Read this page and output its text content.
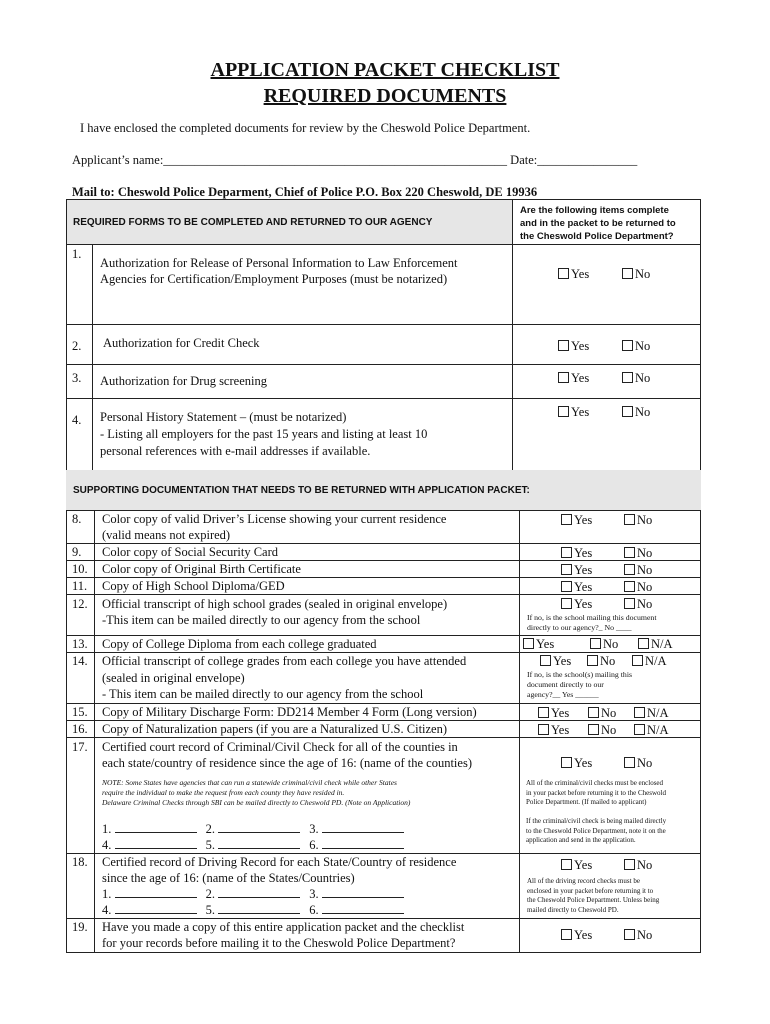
APPLICATION PACKET CHECKLIST
REQUIRED DOCUMENTS
I have enclosed the completed documents for review by the Cheswold Police Department.
Applicant’s name:_______________________________________________________ Date:________________
Mail to: Cheswold Police Deparment, Chief of Police P.O. Box 220 Cheswold, DE 19936
REQUIRED FORMS TO BE COMPLETED AND RETURNED TO OUR AGENCY
Are the following items complete
and in the packet to be returned to
the Cheswold Police Department?
1.
Authorization for Release of Personal Information to Law Enforcement
Agencies for Certification/Employment Purposes (must be notarized)	Yes	No
2. Authorization for Credit Check	Yes	No
3. Authorization for Drug screening	Yes	No
4. Personal History Statement – (must be notarized)
- Listing all employers for the past 15 years and listing at least 10
personal references with e-mail addresses if available.
Yes	No
SUPPORTING DOCUMENTATION THAT NEEDS TO BE RETURNED WITH APPLICATION PACKET:
8. Color copy of valid Driver’s License showing your current residence
(valid means not expired)
Yes	No
9. Color copy of Social Security Card	Yes	No
10. Color copy of Original Birth Certificate	Yes	No
11. Copy of High School Diploma/GED	Yes	No
12. Official transcript of high school grades (sealed in original envelope)
-This item can be mailed directly to our agency from the school
Yes	No
If no, is the school mailing this document
directly to our agency?_ No ____
13. Copy of College Diploma from each college graduated	Yes	No	N/A
14. Official transcript of college grades from each college you have attended
(sealed in original envelope)
- This item can be mailed directly to our agency from the school
Yes	No	N/A
If no, is the school(s) mailing this
document directly to our
agency?__ Yes ______
15. Copy of Military Discharge Form: DD214 Member 4 Form (Long version)	Yes	No	N/A
16. Copy of Naturalization papers (if you are a Naturalized U.S. Citizen)	Yes	No	N/A
17. Certified court record of Criminal/Civil Check for all of the counties in
each state/country of residence since the age of 16: (name of the counties)
NOTE: Some States have agencies that can run a statewide criminal/civil check while other States
require the individual to make the request from each county they have resided in.
Delaware Criminal Checks through SBI can be mailed directly to Cheswold PD. (Note on Application)
1.	2.	3.
4.	5.	6.
Yes	No
All of the criminal/civil checks must be enclosed
in your packet before returning it to the Cheswold
Police Department. (If mailed to applicant)
If the criminal/civil check is being mailed directly
to the Cheswold Police Department, note it on the
application and send in the application.
18. Certified record of Driving Record for each State/Country of residence
since the age of 16: (name of the States/Countries)
1.	2.	3.
4.	5.	6.
Yes	No
All of the driving record checks must be
enclosed in your packet before returning it to
the Cheswold Police Department. Unless being
mailed directly to Cheswold PD.
19. Have you made a copy of this entire application packet and the checklist
for your records before mailing it to the Cheswold Police Department?
Yes	No
